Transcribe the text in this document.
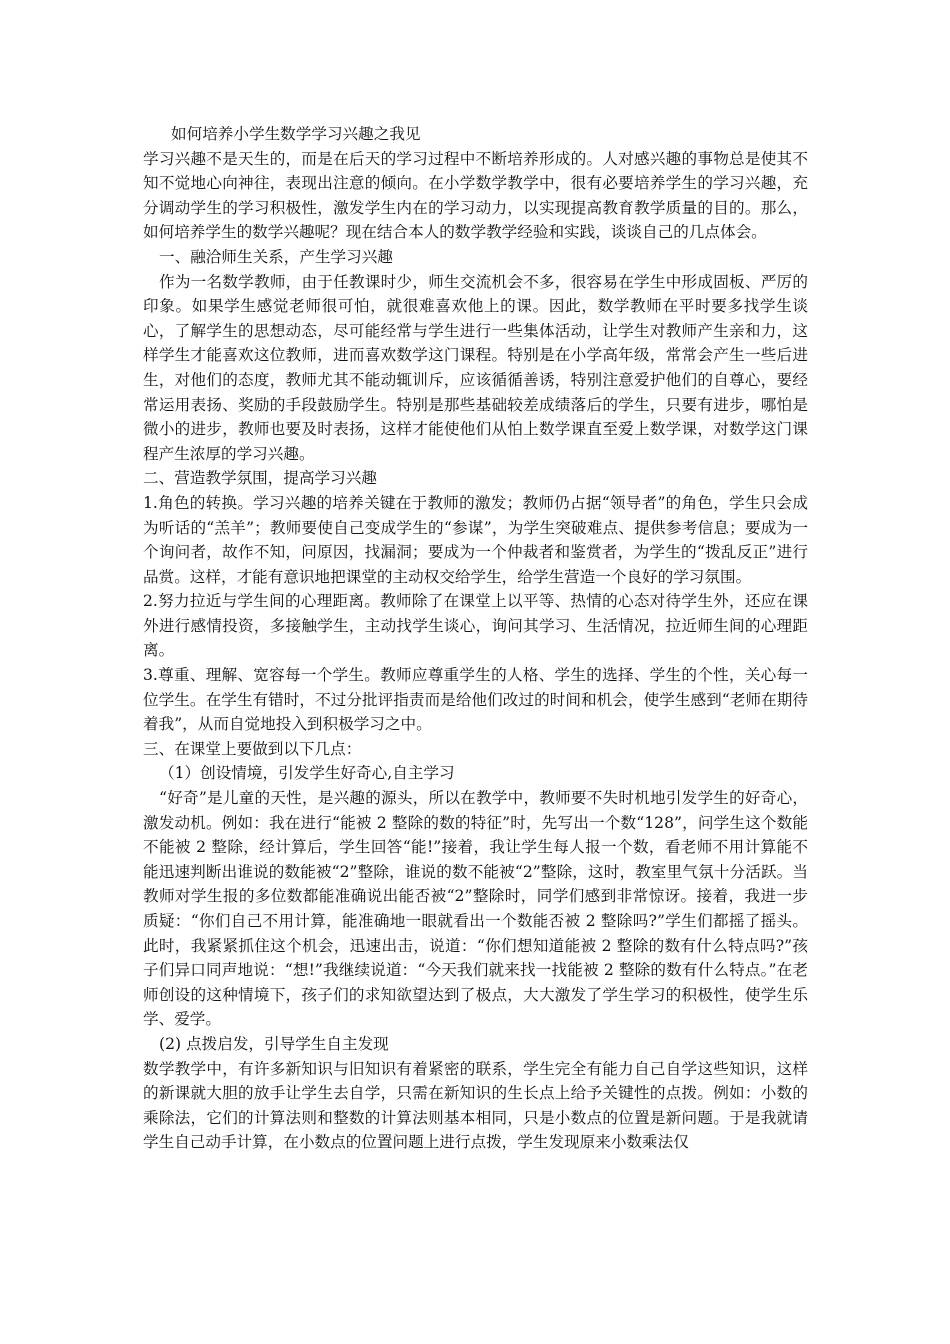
如何培养小学生数学学习兴趣之我见

学习兴趣不是天生的，而是在后天的学习过程中不断培养形成的。人对感兴趣的事物总是使其不知不觉地心向神往，表现出注意的倾向。在小学数学教学中，很有必要培养学生的学习兴趣，充分调动学生的学习积极性，激发学生内在的学习动力，以实现提高教育教学质量的目的。那么，如何培养学生的数学兴趣呢？现在结合本人的数学教学经验和实践，谈谈自己的几点体会。

一、融洽师生关系，产生学习兴趣

作为一名数学教师，由于任教课时少，师生交流机会不多，很容易在学生中形成固板、严厉的印象。如果学生感觉老师很可怕，就很难喜欢他上的课。因此，数学教师在平时要多找学生谈心，了解学生的思想动态，尽可能经常与学生进行一些集体活动，让学生对教师产生亲和力，这样学生才能喜欢这位教师，进而喜欢数学这门课程。特别是在小学高年级，常常会产生一些后进生，对他们的态度，教师尤其不能动辄训斥，应该循循善诱，特别注意爱护他们的自尊心，要经常运用表扬、奖励的手段鼓励学生。特别是那些基础较差成绩落后的学生，只要有进步，哪怕是微小的进步，教师也要及时表扬，这样才能使他们从怕上数学课直至爱上数学课，对数学这门课程产生浓厚的学习兴趣。

二、营造教学氛围，提高学习兴趣

1.角色的转换。学习兴趣的培养关键在于教师的激发；教师仍占据“领导者”的角色，学生只会成为听话的“羔羊”；教师要使自己变成学生的“参谋”，为学生突破难点、提供参考信息；要成为一个询问者，故作不知，问原因，找漏洞；要成为一个仲裁者和鉴赏者，为学生的“拨乱反正”进行品赏。这样，才能有意识地把课堂的主动权交给学生，给学生营造一个良好的学习氛围。

2.努力拉近与学生间的心理距离。教师除了在课堂上以平等、热情的心态对待学生外，还应在课外进行感情投资，多接触学生，主动找学生谈心，询问其学习、生活情况，拉近师生间的心理距离。

3.尊重、理解、宽容每一个学生。教师应尊重学生的人格、学生的选择、学生的个性，关心每一位学生。在学生有错时，不过分批评指责而是给他们改过的时间和机会，使学生感到“老师在期待着我”，从而自觉地投入到积极学习之中。

三、在课堂上要做到以下几点：

（1）创设情境，引发学生好奇心,自主学习

“好奇”是儿童的天性，是兴趣的源头，所以在教学中，教师要不失时机地引发学生的好奇心，激发动机。例如：我在进行“能被 2 整除的数的特征”时，先写出一个数“128”，问学生这个数能不能被 2 整除，经计算后，学生回答“能!”接着，我让学生每人报一个数，看老师不用计算能不能迅速判断出谁说的数能被“2”整除，谁说的数不能被“2”整除，这时，教室里气氛十分活跃。当教师对学生报的多位数都能准确说出能否被“2”整除时，同学们感到非常惊讶。接着，我进一步质疑：“你们自己不用计算，能准确地一眼就看出一个数能否被 2 整除吗?”学生们都摇了摇头。此时，我紧紧抓住这个机会，迅速出击，说道：“你们想知道能被 2 整除的数有什么特点吗?”孩子们异口同声地说：“想!”我继续说道：“今天我们就来找一找能被 2 整除的数有什么特点。”在老师创设的这种情境下，孩子们的求知欲望达到了极点，大大激发了学生学习的积极性，使学生乐学、爱学。

(2) 点拨启发，引导学生自主发现

数学教学中，有许多新知识与旧知识有着紧密的联系，学生完全有能力自己自学这些知识，这样的新课就大胆的放手让学生去自学，只需在新知识的生长点上给予关键性的点拨。例如：小数的乘除法，它们的计算法则和整数的计算法则基本相同，只是小数点的位置是新问题。于是我就请学生自己动手计算，在小数点的位置问题上进行点拨，学生发现原来小数乘法仅
